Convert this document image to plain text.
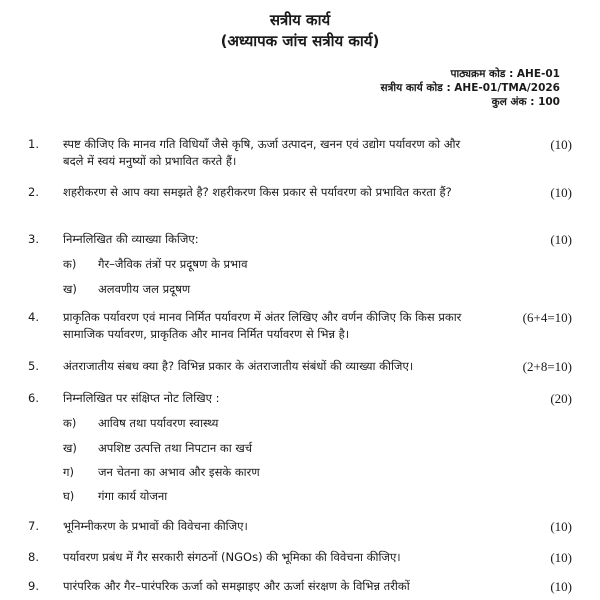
सत्रीय कार्य
(अध्यापक जांच सत्रीय कार्य)
पाठ्यक्रम कोड : AHE-01
सत्रीय कार्य कोड : AHE-01/TMA/2026
कुल अंक : 100
1. स्पष्ट कीजिए कि मानव गति विधियाँ जैसे कृषि, ऊर्जा उत्पादन, खनन एवं उद्योग पर्यावरण को और बदले में स्वयं मनुष्यों को प्रभावित करते हैं।
(10)
2. शहरीकरण से आप क्या समझते है? शहरीकरण किस प्रकार से पर्यावरण को प्रभावित करता हैं?	(10)
3. निम्नलिखित की व्याख्या किजिए:	(10)
क) गैर–जैविक तंत्रों पर प्रदूषण के प्रभाव
ख) अलवणीय जल प्रदूषण
4. प्राकृतिक पर्यावरण एवं मानव निर्मित पर्यावरण में अंतर लिखिए और वर्णन कीजिए कि किस प्रकार सामाजिक पर्यावरण, प्राकृतिक और मानव निर्मित पर्यावरण से भिन्न है।
(6+4=10)
5. अंतराजातीय संबध क्या है? विभिन्न प्रकार के अंतराजातीय संबंधों की व्याख्या कीजिए।	(2+8=10)
6. निम्नलिखित पर संक्षिप्त नोट लिखिए :	(20)
क) आविष तथा पर्यावरण स्वास्थ्य
ख) अपशिष्ट उत्पत्ति तथा निपटान का खर्च
ग) जन चेतना का अभाव और इसके कारण
घ) गंगा कार्य योजना
7. भूनिम्नीकरण के प्रभावों की विवेचना कीजिए।	(10)
8. पर्यावरण प्रबंध में गैर सरकारी संगठनों (NGOs) की भूमिका की विवेचना कीजिए।	(10)
9. पारंपरिक और गैर–पारंपरिक ऊर्जा को समझाइए और ऊर्जा संरक्षण के विभिन्न तरीकों	(10)
